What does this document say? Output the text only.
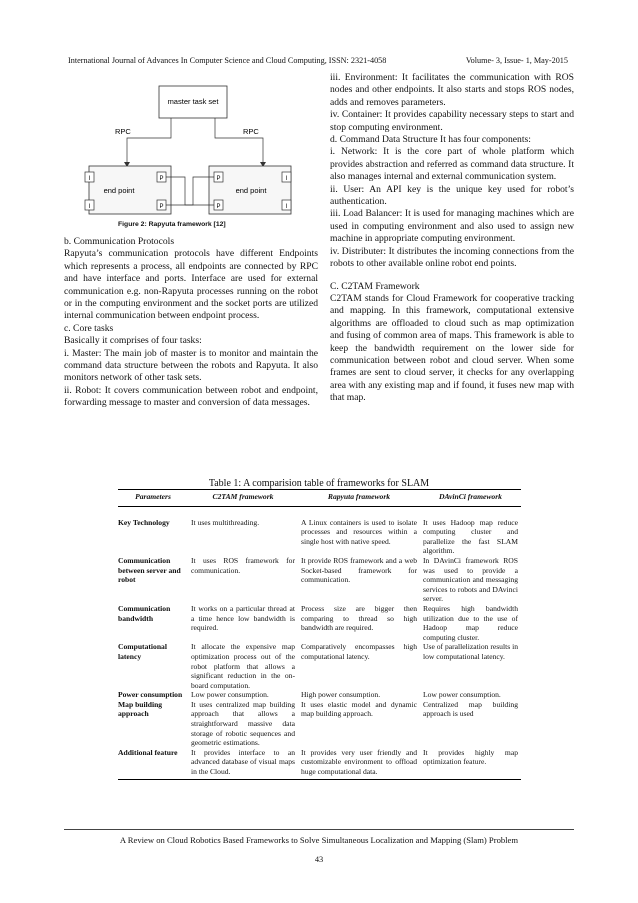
International Journal of Advances In Computer Science and Cloud Computing, ISSN: 2321-4058	Volume- 3, Issue- 1, May-2015
master task set
RPC	RPC
end point
I
I
P
P
end point
P
P
I
I
Figure 2: Rapyuta framework [12]

b. Communication Protocols

Rapyuta’s communication protocols have different Endpoints which represents a process, all endpoints are connected by RPC and have interface and ports. Interface are used for external communication e.g. non-Rapyuta processes running on the robot or in the computing environment and the socket ports are utilized internal communication between endpoint process.

c. Core tasks

Basically it comprises of four tasks:

i. Master: The main job of master is to monitor and maintain the command data structure between the robots and Rapyuta. It also monitors network of other task sets.

ii. Robot: It covers communication between robot and endpoint, forwarding message to master and conversion of data messages.

iii. Environment: It facilitates the communication with ROS nodes and other endpoints. It also starts and stops ROS nodes, adds and removes parameters.

iv. Container: It provides capability necessary steps to start and stop computing environment.

d. Command Data Structure It has four components:

i. Network: It is the core part of whole platform which provides abstraction and referred as command data structure. It also manages internal and external communication system.

ii. User: An API key is the unique key used for robot’s authentication.

iii. Load Balancer: It is used for managing machines which are used in computing environment and also used to assign new machine in appropriate computing environment.

iv. Distributer: It distributes the incoming connections from the robots to other available online robot end points.

C. C2TAM Framework

C2TAM stands for Cloud Framework for cooperative tracking and mapping. In this framework, computational extensive algorithms are offloaded to cloud such as map optimization and fusing of common area of maps. This framework is able to keep the bandwidth requirement on the lower side for communication between robot and cloud server. When some frames are sent to cloud server, it checks for any overlapping area with any existing map and if found, it fuses new map with that map.

Table 1: A comparision table of frameworks for SLAM
Parameters	C2TAM framework	Rapyuta framework	DAvinCi framework

Key Technology	It uses multithreading.	A Linux containers is used to isolate processes and resources within a single host with native speed.	It uses Hadoop map reduce computing cluster and parallelize the fast SLAM algorithm.
Communication between server and robot	It uses ROS framework for communication.	It provide ROS framework and a web Socket-based framework for communication.	In DAvinCi framework ROS was used to provide a communication and messaging services to robots and DAvinci server.
Communication bandwidth	It works on a particular thread at a time hence low bandwidth is required.	Process size are bigger then comparing to thread so high bandwidth are required.	Requires high bandwidth utilization due to the use of Hadoop map reduce computing cluster.
Computational latency	It allocate the expensive map optimization process out of the robot platform that allows a significant reduction in the on-board computation.	Comparatively encompasses high computational latency.	Use of parallelization results in low computational latency.
Power consumption	Low power consumption.	High power consumption.	Low power consumption.
Map building approach	It uses centralized map building approach that allows a straightforward massive data storage of robotic sequences and geometric estimations.	It uses elastic model and dynamic map building approach.	Centralized map building approach is used
Additional feature	It provides interface to an advanced database of visual maps in the Cloud.	It provides very user friendly and customizable environment to offload huge computational data.	It provides highly map optimization feature.
A Review on Cloud Robotics Based Frameworks to Solve Simultaneous Localization and Mapping (Slam) Problem
43
